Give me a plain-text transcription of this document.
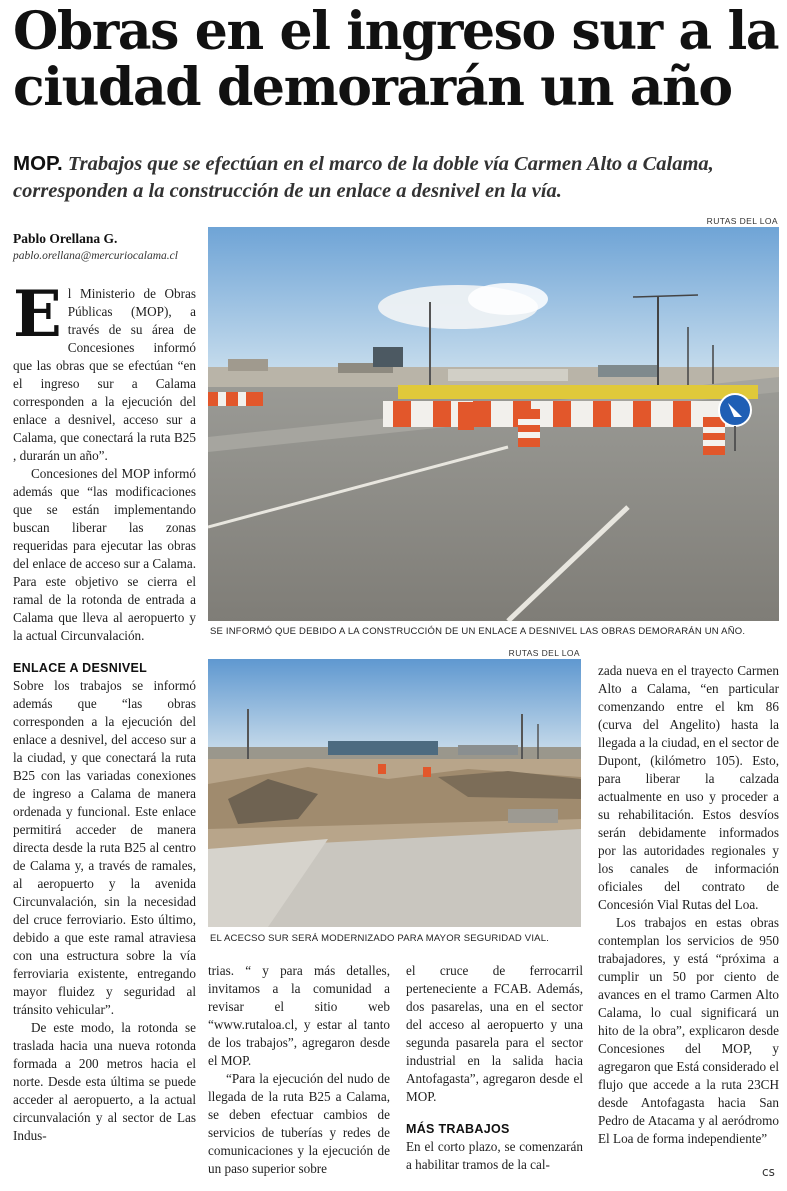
Obras en el ingreso sur a la ciudad demorarán un año
MOP. Trabajos que se efectúan en el marco de la doble vía Carmen Alto a Calama, corresponden a la construcción de un enlace a desnivel en la vía.
Pablo Orellana G.
pablo.orellana@mercuriocalama.cl
RUTAS DEL LOA
SE INFORMÓ QUE DEBIDO A LA CONSTRUCCIÓN DE UN ENLACE A DESNIVEL LAS OBRAS DEMORARÁN UN AÑO.
RUTAS DEL LOA
EL ACECSO SUR SERÁ MODERNIZADO PARA MAYOR SEGURIDAD VIAL.
E l Ministerio de Obras Públicas (MOP), a través de su área de Concesiones informó que las obras que se efectúan “en el ingreso sur a Calama corresponden a la ejecución del enlace a desnivel, acceso sur a Calama, que conectará la ruta B25 , durarán un año”.

Concesiones del MOP informó además que “las modificaciones que se están implementando buscan liberar las zonas requeridas para ejecutar las obras del enlace de acceso sur a Calama. Para este objetivo se cierra el ramal de la rotonda de entrada a Calama que lleva al aeropuerto y la actual Circunvalación.

ENLACE A DESNIVEL

Sobre los trabajos se informó además que “las obras corresponden a la ejecución del enlace a desnivel, del acceso sur a la ciudad, y que conectará la ruta B25 con las variadas conexiones de ingreso a Calama de manera ordenada y funcional. Este enlace permitirá acceder de manera directa desde la ruta B25 al centro de Calama y, a través de ramales, al aeropuerto y la avenida Circunvalación, sin la necesidad del cruce ferroviario. Esto último, debido a que este ramal atraviesa con una estructura sobre la vía ferroviaria existente, entregando mayor fluidez y seguridad al tránsito vehicular”.

De este modo, la rotonda se traslada hacia una nueva rotonda formada a 200 metros hacia el norte. Desde esta última se puede acceder al aeropuerto, a la actual circunvalación y al sector de Las Indus-

trias. “ y para más detalles, invitamos a la comunidad a revisar el sitio web “www.rutaloa.cl, y estar al tanto de los trabajos”, agregaron desde el MOP.

“Para la ejecución del nudo de llegada de la ruta B25 a Calama, se deben efectuar cambios de servicios de tuberías y redes de comunicaciones y la ejecución de un paso superior sobre

el cruce de ferrocarril perteneciente a FCAB. Además, dos pasarelas, una en el sector del acceso al aeropuerto y una segunda pasarela para el sector industrial en la salida hacia Antofagasta”, agregaron desde el MOP.

MÁS TRABAJOS

En el corto plazo, se comenzarán a habilitar tramos de la cal-

zada nueva en el trayecto Carmen Alto a Calama, “en particular comenzando entre el km 86 (curva del Angelito) hasta la llegada a la ciudad, en el sector de Dupont, (kilómetro 105). Esto, para liberar la calzada actualmente en uso y proceder a su rehabilitación. Estos desvíos serán debidamente informados por las autoridades regionales y los canales de información oficiales del contrato de Concesión Vial Rutas del Loa.

Los trabajos en estas obras contemplan los servicios de 950 trabajadores, y está “próxima a cumplir un 50 por ciento de avances en el tramo Carmen Alto Calama, lo cual significará un hito de la obra”, explicaron desde Concesiones del MOP, y agregaron que Está considerado el flujo que accede a la ruta 23CH desde Antofagasta hacia San Pedro de Atacama y al aeródromo El Loa de forma independiente”

cs
